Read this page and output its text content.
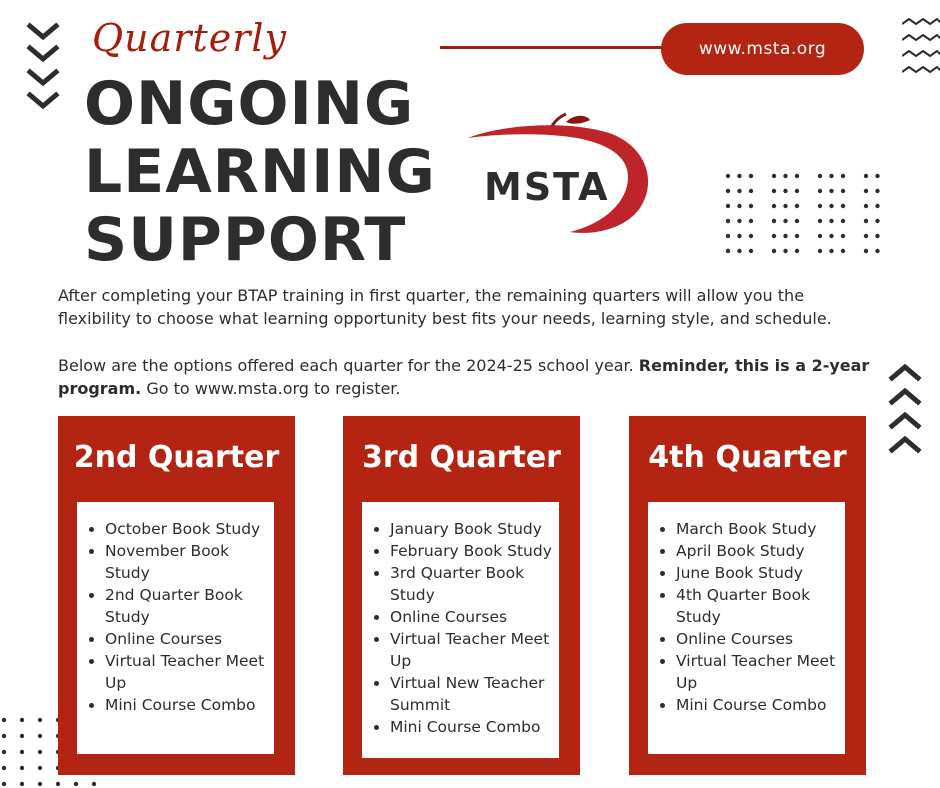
Quarterly
ONGOING
LEARNING
SUPPORT
www.msta.org
MSTA
After completing your BTAP training in first quarter, the remaining quarters will allow you the flexibility to choose what learning opportunity best fits your needs, learning style, and schedule.
Below are the options offered each quarter for the 2024-25 school year. Reminder, this is a 2-year program. Go to www.msta.org to register.
2nd Quarter
• October Book Study
• November Book Study
• 2nd Quarter Book Study
• Online Courses
• Virtual Teacher Meet Up
• Mini Course Combo
3rd Quarter
• January Book Study
• February Book Study
• 3rd Quarter Book Study
• Online Courses
• Virtual Teacher Meet Up
• Virtual New Teacher Summit
• Mini Course Combo
4th Quarter
• March Book Study
• April Book Study
• June Book Study
• 4th Quarter Book Study
• Online Courses
• Virtual Teacher Meet Up
• Mini Course Combo
